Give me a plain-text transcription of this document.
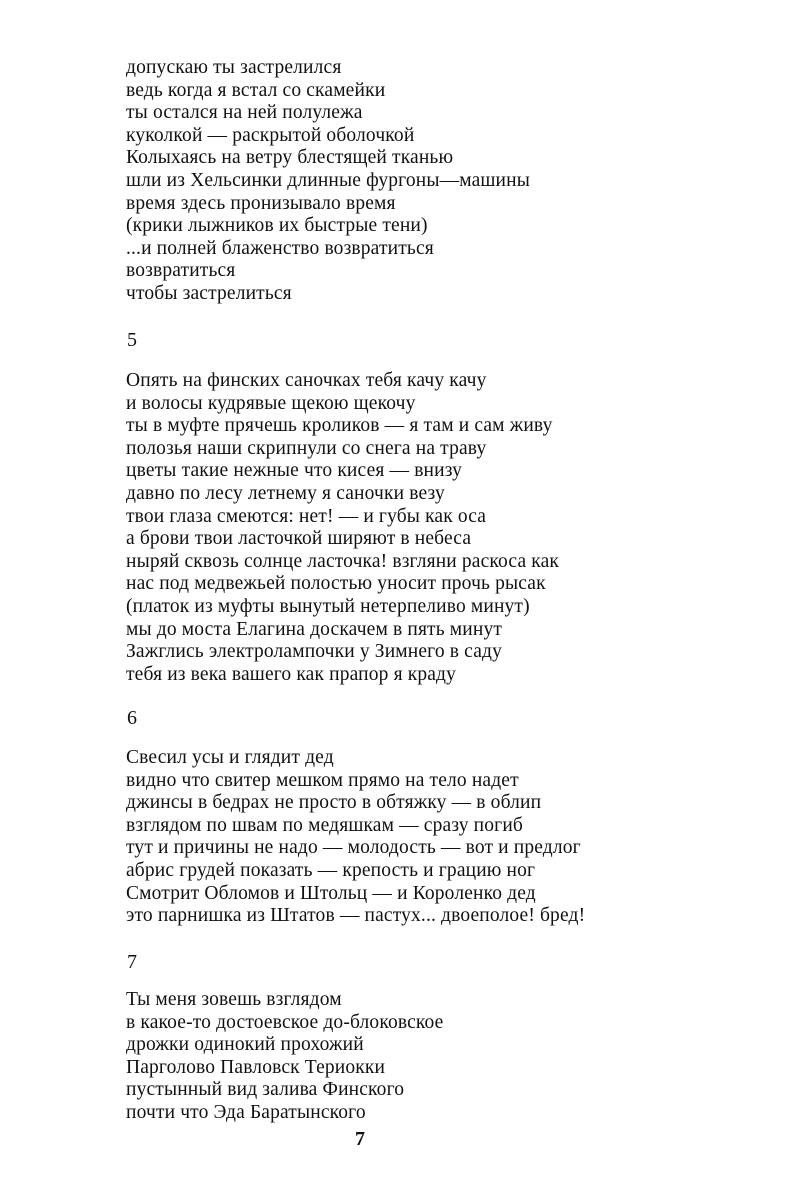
допускаю ты застрелился
ведь когда я встал со скамейки
ты остался на ней полулежа
куколкой — раскрытой оболочкой
Колыхаясь на ветру блестящей тканью
шли из Хельсинки длинные фургоны—машины
время здесь пронизывало время
(крики лыжников их быстрые тени)
...и полней блаженство возвратиться
возвратиться
чтобы застрелиться
5
Опять на финских саночках тебя качу качу
и волосы кудрявые щекою щекочу
ты в муфте прячешь кроликов — я там и сам живу
полозья наши скрипнули со снега на траву
цветы такие нежные что кисея — внизу
давно по лесу летнему я саночки везу
твои глаза смеются: нет! — и губы как оса
а брови твои ласточкой ширяют в небеса
ныряй сквозь солнце ласточка! взгляни раскоса как
нас под медвежьей полостью уносит прочь рысак
(платок из муфты вынутый нетерпеливо минут)
мы до моста Елагина доскачем в пять минут
Зажглись электролампочки у Зимнего в саду
тебя из века вашего как прапор я краду
6
Свесил усы и глядит дед
видно что свитер мешком прямо на тело надет
джинсы в бедрах не просто в обтяжку — в облип
взглядом по швам по медяшкам — сразу погиб
тут и причины не надо — молодость — вот и предлог
абрис грудей показать — крепость и грацию ног
Смотрит Обломов и Штольц — и Короленко дед
это парнишка из Штатов — пастух... двоеполое! бред!
7
Ты меня зовешь взглядом
в какое-то достоевское до-блоковское
дрожки одинокий прохожий
Парголово Павловск Териокки
пустынный вид залива Финского
почти что Эда Баратынского
7
